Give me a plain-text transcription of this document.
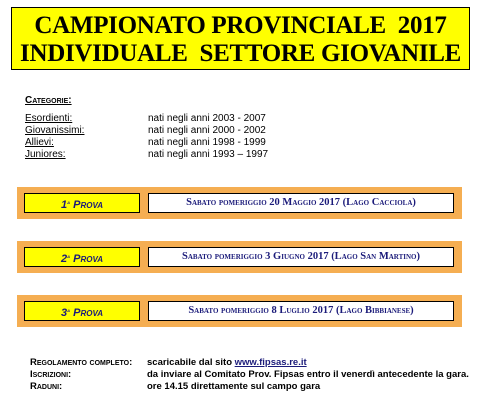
CAMPIONATO PROVINCIALE  2017
INDIVIDUALE  SETTORE GIOVANILE
Categorie:
Esordienti:	nati negli anni 2003 - 2007
Giovanissimi:	nati negli anni 2000 - 2002
Allievi:	nati negli anni 1998 - 1999
Juniores:	nati negli anni 1993 – 1997
1$^a$ Prova	Sabato pomeriggio 20 Maggio 2017 (Lago Cacciola)
2$^a$ Prova	Sabato pomeriggio 3 Giugno 2017 (Lago San Martino)
3$^a$ Prova	Sabato pomeriggio 8 Luglio 2017 (Lago Bibbianese)
Regolamento completo: scaricabile dal sito www.fipsas.re.it
Iscrizioni:	da inviare al Comitato Prov. Fipsas entro il venerdì antecedente la gara.
Raduni:	ore 14.15 direttamente sul campo gara
